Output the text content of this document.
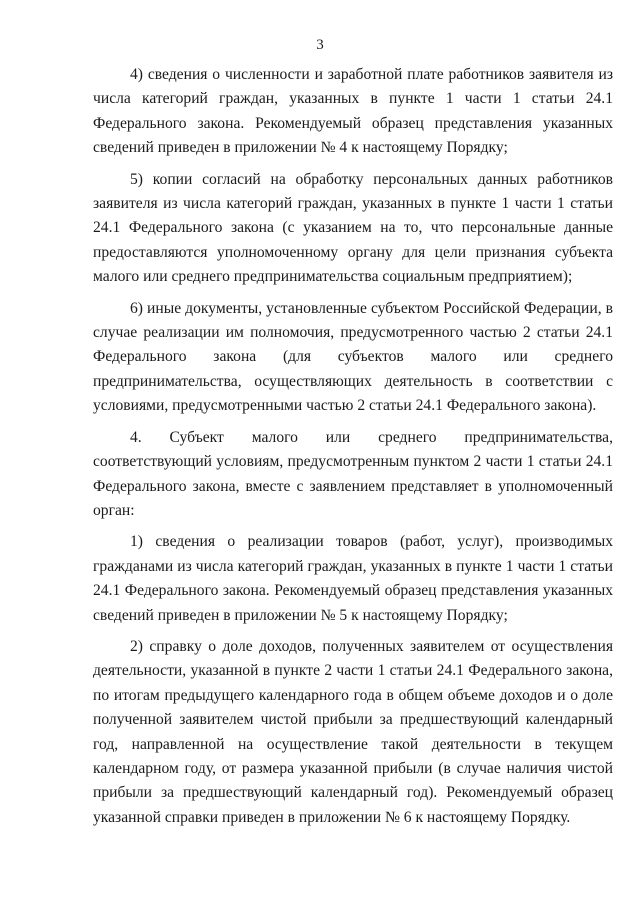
3

4) сведения о численности и заработной плате работников заявителя из числа категорий граждан, указанных в пункте 1 части 1 статьи 24.1 Федерального закона. Рекомендуемый образец представления указанных сведений приведен в приложении № 4 к настоящему Порядку;

5) копии согласий на обработку персональных данных работников заявителя из числа категорий граждан, указанных в пункте 1 части 1 статьи 24.1 Федерального закона (с указанием на то, что персональные данные предоставляются уполномоченному органу для цели признания субъекта малого или среднего предпринимательства социальным предприятием);

6) иные документы, установленные субъектом Российской Федерации, в случае реализации им полномочия, предусмотренного частью 2 статьи 24.1 Федерального закона (для субъектов малого или среднего предпринимательства, осуществляющих деятельность в соответствии с условиями, предусмотренными частью 2 статьи 24.1 Федерального закона).

4. Субъект малого или среднего предпринимательства, соответствующий условиям, предусмотренным пунктом 2 части 1 статьи 24.1 Федерального закона, вместе с заявлением представляет в уполномоченный орган:

1) сведения о реализации товаров (работ, услуг), производимых гражданами из числа категорий граждан, указанных в пункте 1 части 1 статьи 24.1 Федерального закона. Рекомендуемый образец представления указанных сведений приведен в приложении № 5 к настоящему Порядку;

2) справку о доле доходов, полученных заявителем от осуществления деятельности, указанной в пункте 2 части 1 статьи 24.1 Федерального закона, по итогам предыдущего календарного года в общем объеме доходов и о доле полученной заявителем чистой прибыли за предшествующий календарный год, направленной на осуществление такой деятельности в текущем календарном году, от размера указанной прибыли (в случае наличия чистой прибыли за предшествующий календарный год). Рекомендуемый образец указанной справки приведен в приложении № 6 к настоящему Порядку.
